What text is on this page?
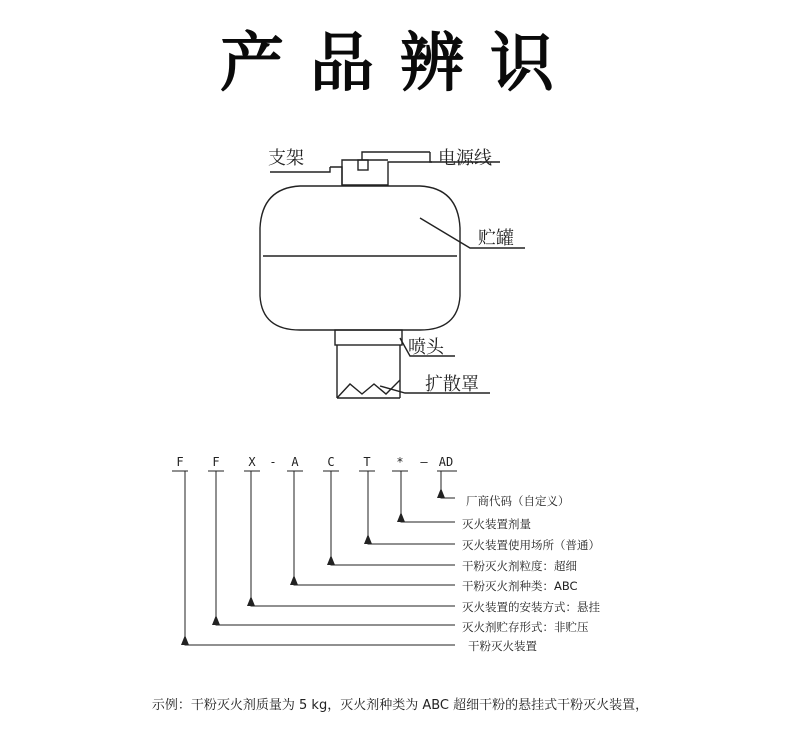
产品辨识
支架	电源线
贮罐
喷头
扩散罩
F F X - A C T * — AD
厂商代码（自定义）
灭火装置剂量
灭火装置使用场所（普通）
干粉灭火剂粒度：超细
干粉灭火剂种类：ABC
灭火装置的安装方式：悬挂
灭火剂贮存形式：非贮压
干粉灭火装置
示例：干粉灭火剂质量为 5 kg，灭火剂种类为 ABC 超细干粉的悬挂式干粉灭火装置，
